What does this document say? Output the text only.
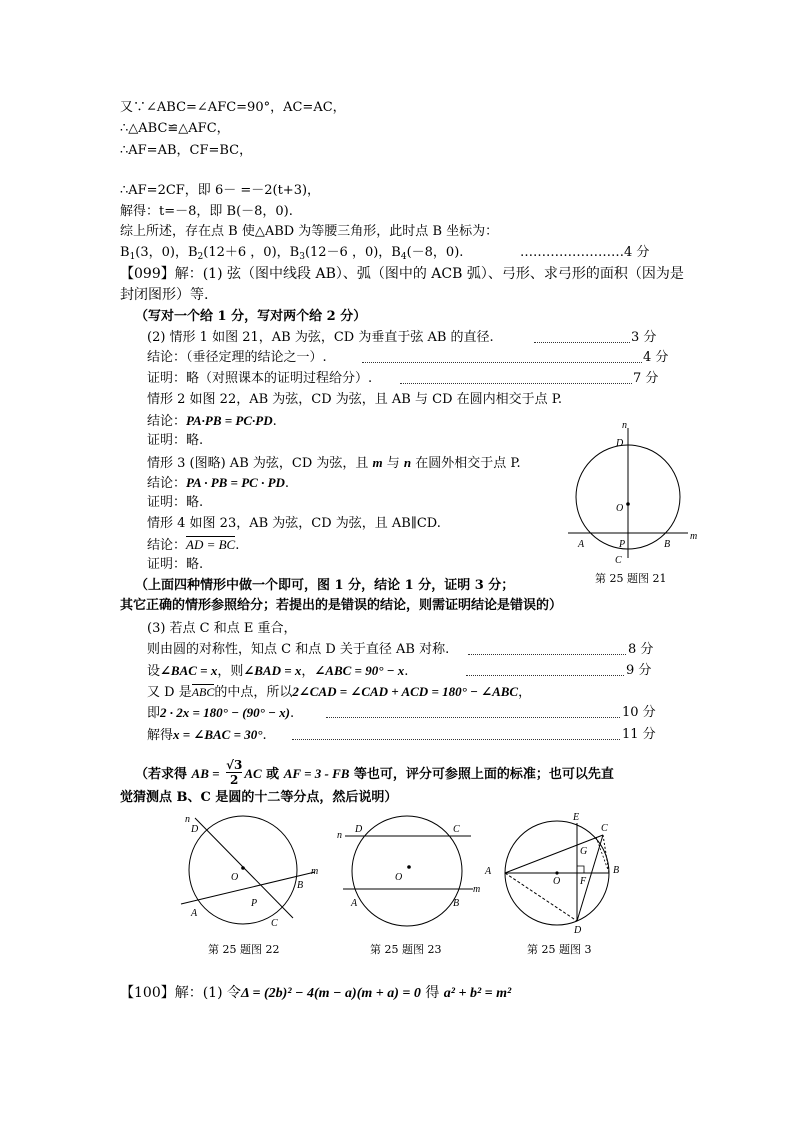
又∵∠ABC=∠AFC=90°，AC=AC，
∴△ABC≌△AFC，
∴AF=AB，CF=BC，
∴AF=2CF，即 6－ =－2(t+3)，
解得：t=－8，即 B(－8，0).
综上所述，存在点 B 使△ABD 为等腰三角形，此时点 B 坐标为：
$B_1(3$，0)，$B_2(12+6$ ，0)，$B_3(12-6$ ，0)，$B_4(-8$，0).	……………………4 分
【099】解：(1) 弦（图中线段 AB）、弧（图中的 ACB 弧）、弓形、求弓形的面积（因为是
封闭图形）等.
（写对一个给 1 分，写对两个给 2 分）
(2) 情形 1 如图 21，AB 为弦，CD 为垂直于弦 AB 的直径.	3 分
结论：（垂径定理的结论之一）.	4 分
证明：略（对照课本的证明过程给分）.	7 分
情形 2 如图 22，AB 为弦，CD 为弦，且 AB 与 CD 在圆内相交于点 P.
结论：PA·PB = PC·PD.
证明：略.
情形 3 (图略) AB 为弦，CD 为弦，且 m 与 n 在圆外相交于点 P.
结论：PA · PB = PC · PD.
证明：略.
情形 4 如图 23，AB 为弦，CD 为弦，且 AB∥CD.
结论：AD = BC.
证明：略.
n
D
O
m
A	P	B
C
第 25 题图 21
（上面四种情形中做一个即可，图 1 分，结论 1 分，证明 3 分；
其它正确的情形参照给分；若提出的是错误的结论，则需证明结论是错误的）
(3) 若点 C 和点 E 重合，
则由圆的对称性，知点 C 和点 D 关于直径 AB 对称.	8 分
设∠BAC = x，则∠BAD = x，∠ABC = 90° − x.	9 分
又 D 是ABC的中点，所以2∠CAD = ∠CAD + ACD = 180° − ∠ABC，
即2 · 2x = 180° − (90° − x).	10 分
解得x = ∠BAC = 30°.	11 分
（若求得 AB = $\frac{√3}{2}$ AC 或 AF = 3 - FB 等也可，评分可参照上面的标准；也可以先直
觉猜测点 B、C 是圆的十二等分点，然后说明）
n
D
O
m
B
P
A
C
第 25 题图 22
n
D	C
O
m
A	B
第 25 题图 23
E
C
G
B
A
O F
D
第 25 题图 3
【100】解：(1) 令Δ = (2b)² − 4(m − a)(m + a) = 0 得 a² + b² = m²
